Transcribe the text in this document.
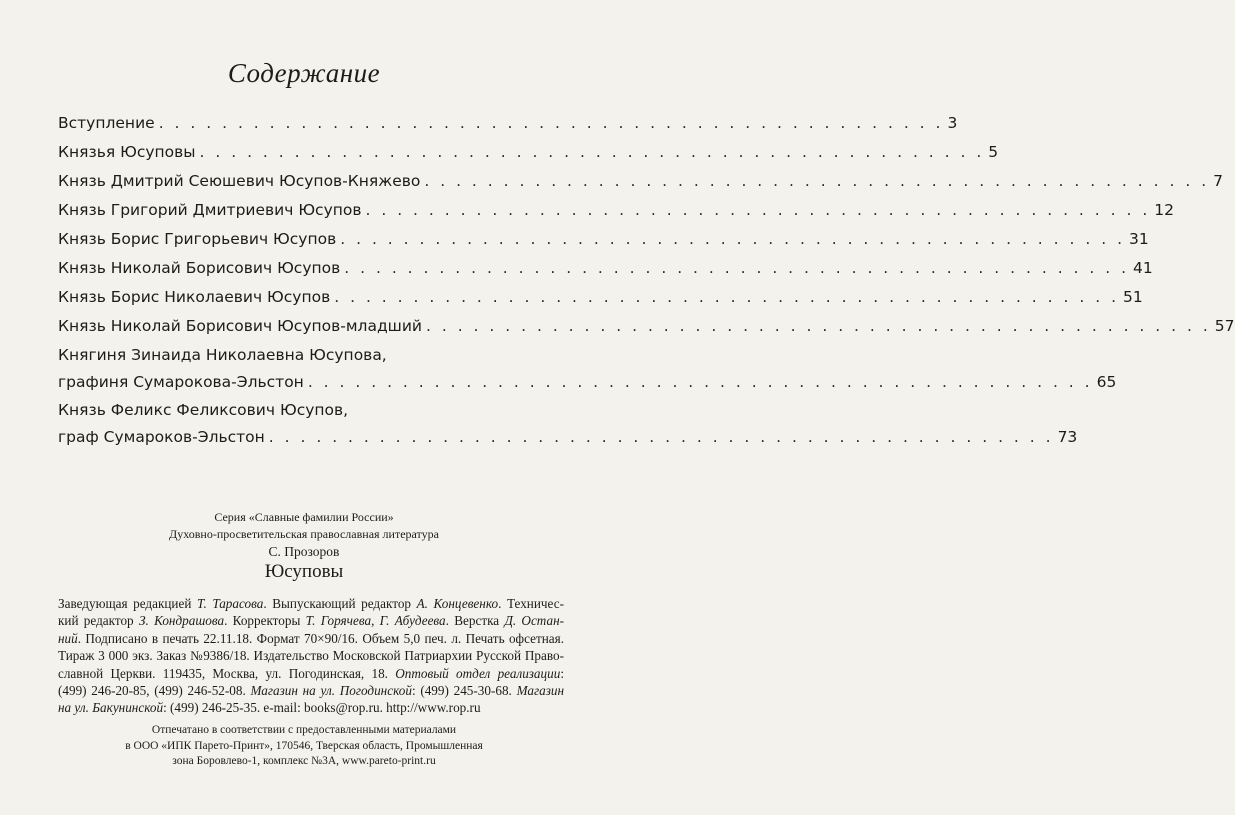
Содержание
Вступление . . . . . . . . . . . . . . . . . . . . . . . . . . . . . . . . . . . . . . . . . . . . . . . . . . 3
Князья Юсуповы . . . . . . . . . . . . . . . . . . . . . . . . . . . . . . . . . . . . . . . . . . . . . . . . . . 5
Князь Дмитрий Сеюшевич Юсупов-Княжево . . . . . . . . . . . . . . . . . . . . . . . . . . . . . . . . . . . . . . . . . . . . . . . . . . 7
Князь Григорий Дмитриевич Юсупов . . . . . . . . . . . . . . . . . . . . . . . . . . . . . . . . . . . . . . . . . . . . . . . . . . 12
Князь Борис Григорьевич Юсупов . . . . . . . . . . . . . . . . . . . . . . . . . . . . . . . . . . . . . . . . . . . . . . . . . . 31
Князь Николай Борисович Юсупов . . . . . . . . . . . . . . . . . . . . . . . . . . . . . . . . . . . . . . . . . . . . . . . . . . 41
Князь Борис Николаевич Юсупов . . . . . . . . . . . . . . . . . . . . . . . . . . . . . . . . . . . . . . . . . . . . . . . . . . 51
Князь Николай Борисович Юсупов-младший . . . . . . . . . . . . . . . . . . . . . . . . . . . . . . . . . . . . . . . . . . . . . . . . . . 57
Княгиня Зинаида Николаевна Юсупова,
графиня Сумарокова-Эльстон . . . . . . . . . . . . . . . . . . . . . . . . . . . . . . . . . . . . . . . . . . . . . . . . . . 65
Князь Феликс Феликсович Юсупов,
граф Сумароков-Эльстон . . . . . . . . . . . . . . . . . . . . . . . . . . . . . . . . . . . . . . . . . . . . . . . . . . 73
Серия «Славные фамилии России»
Духовно-просветительская православная литература
С. Прозоров
Юсуповы
Заведующая редакцией Т. Тарасова. Выпускающий редактор А. Концевенко. Техничес-
кий редактор З. Кондрашова. Корректоры Т. Горячева, Г. Абудеева. Верстка Д. Остан-
ний. Подписано в печать 22.11.18. Формат 70×90/16. Объем 5,0 печ. л. Печать офсетная.
Тираж 3 000 экз. Заказ №9386/18. Издательство Московской Патриархии Русской Право-
славной Церкви. 119435, Москва, ул. Погодинская, 18. Оптовый отдел реализации:
(499) 246-20-85, (499) 246-52-08. Магазин на ул. Погодинской: (499) 245-30-68. Магазин
на ул. Бакунинской: (499) 246-25-35. e-mail: books@rop.ru. http://www.rop.ru
Отпечатано в соответствии с предоставленными материалами
в ООО «ИПК Парето-Принт», 170546, Тверская область, Промышленная
зона Боровлево-1, комплекс №3А, www.pareto-print.ru
